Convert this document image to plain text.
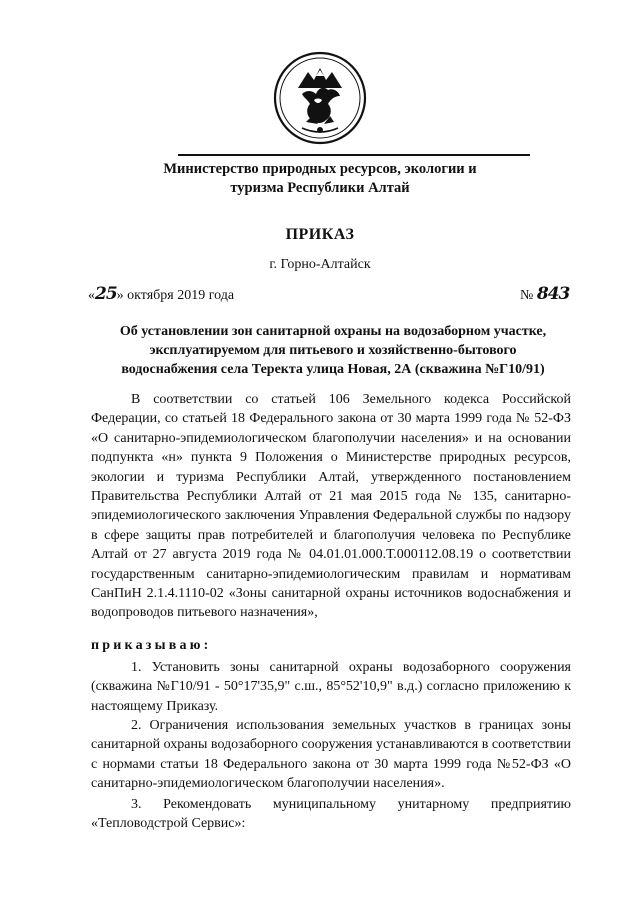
Министерство природных ресурсов, экологии и
туризма Республики Алтай
ПРИКАЗ
г. Горно-Алтайск
«25» октября 2019 года	№ 843
Об установлении зон санитарной охраны на водозаборном участке,
эксплуатируемом для питьевого и хозяйственно-бытового
водоснабжения села Теректа улица Новая, 2А (скважина №Г10/91)

В соответствии со статьей 106 Земельного кодекса Российской Федерации, со статьей 18 Федерального закона от 30 марта 1999 года № 52-ФЗ «О санитарно-эпидемиологическом благополучии населения» и на основании подпункта «н» пункта 9 Положения о Министерстве природных ресурсов, экологии и туризма Республики Алтай, утвержденного постановлением Правительства Республики Алтай от 21 мая 2015 года № 135, санитарно-эпидемиологического заключения Управления Федеральной службы по надзору в сфере защиты прав потребителей и благополучия человека по Республике Алтай от 27 августа 2019 года № 04.01.01.000.Т.000112.08.19 о соответствии государственным санитарно-эпидемиологическим правилам и нормативам СанПиН 2.1.4.1110-02 «Зоны санитарной охраны источников водоснабжения и водопроводов питьевого назначения»,

приказываю:

1. Установить зоны санитарной охраны водозаборного сооружения (скважина №Г10/91 - 50°17'35,9" с.ш., 85°52'10,9" в.д.) согласно приложению к настоящему Приказу.

2. Ограничения использования земельных участков в границах зоны санитарной охраны водозаборного сооружения устанавливаются в соответствии с нормами статьи 18 Федерального закона от 30 марта 1999 года №52-ФЗ «О санитарно-эпидемиологическом благополучии населения».

3. Рекомендовать муниципальному унитарному предприятию «Тепловодстрой Сервис»:
